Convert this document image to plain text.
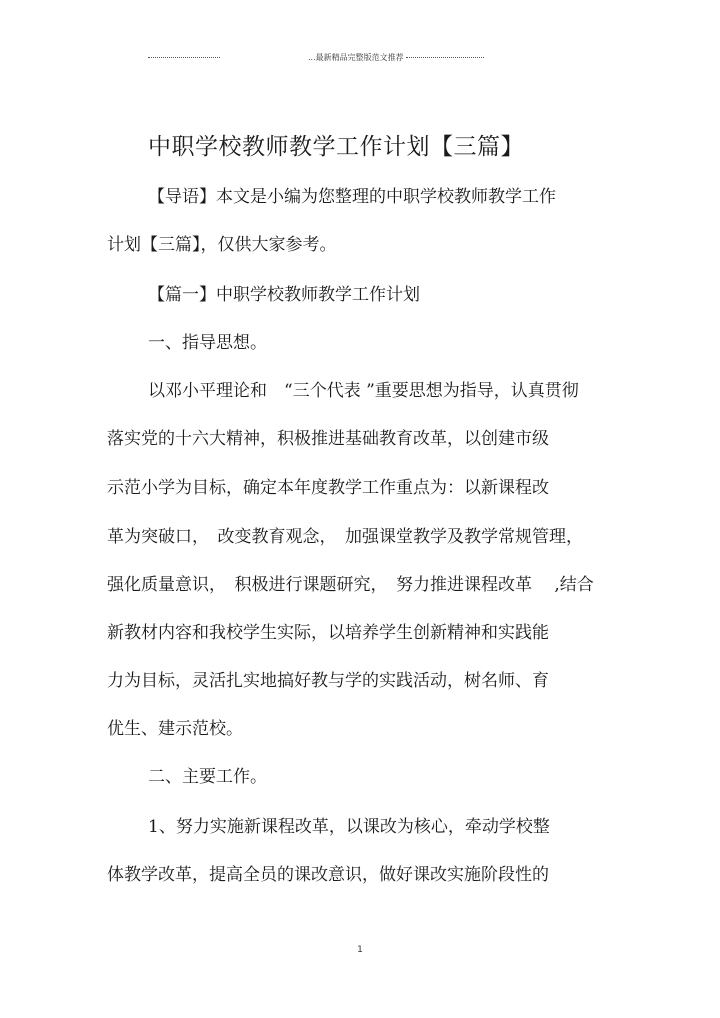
...最新精品完整版范文推荐
中职学校教师教学工作计划【三篇】
【导语】本文是小编为您整理的中职学校教师教学工作
计划【三篇】，仅供大家参考。
【篇一】中职学校教师教学工作计划
一、指导思想。
以邓小平理论和　“三个代表 ”重要思想为指导，认真贯彻
落实党的十六大精神，积极推进基础教育改革，以创建市级
示范小学为目标，确定本年度教学工作重点为：以新课程改
革为突破口，　改变教育观念，　加强课堂教学及教学常规管理，
强化质量意识，　积极进行课题研究，　努力推进课程改革　 ,结合
新教材内容和我校学生实际，以培养学生创新精神和实践能
力为目标，灵活扎实地搞好教与学的实践活动，树名师、育
优生、建示范校。
二、主要工作。
1、努力实施新课程改革，以课改为核心，牵动学校整
体教学改革，提高全员的课改意识，做好课改实施阶段性的
1
